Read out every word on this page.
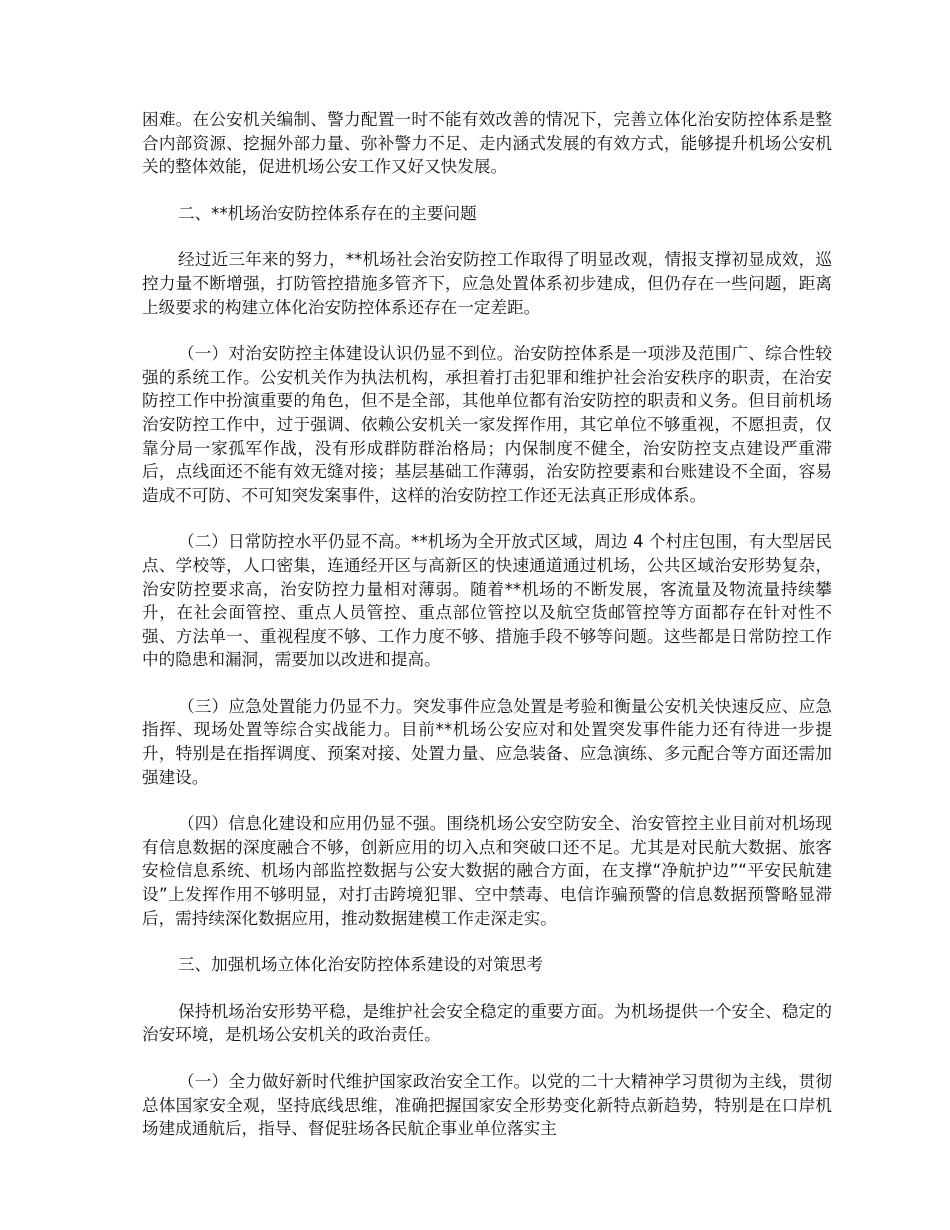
困难。在公安机关编制、警力配置一时不能有效改善的情况下，完善立体化治安防控体系是整合内部资源、挖掘外部力量、弥补警力不足、走内涵式发展的有效方式，能够提升机场公安机关的整体效能，促进机场公安工作又好又快发展。

二、**机场治安防控体系存在的主要问题

经过近三年来的努力，**机场社会治安防控工作取得了明显改观，情报支撑初显成效，巡控力量不断增强，打防管控措施多管齐下，应急处置体系初步建成，但仍存在一些问题，距离上级要求的构建立体化治安防控体系还存在一定差距。

（一）对治安防控主体建设认识仍显不到位。治安防控体系是一项涉及范围广、综合性较强的系统工作。公安机关作为执法机构，承担着打击犯罪和维护社会治安秩序的职责，在治安防控工作中扮演重要的角色，但不是全部，其他单位都有治安防控的职责和义务。但目前机场治安防控工作中，过于强调、依赖公安机关一家发挥作用，其它单位不够重视，不愿担责，仅靠分局一家孤军作战，没有形成群防群治格局；内保制度不健全，治安防控支点建设严重滞后，点线面还不能有效无缝对接；基层基础工作薄弱，治安防控要素和台账建设不全面，容易造成不可防、不可知突发案事件，这样的治安防控工作还无法真正形成体系。

（二）日常防控水平仍显不高。**机场为全开放式区域，周边 4 个村庄包围，有大型居民点、学校等，人口密集，连通经开区与高新区的快速通道通过机场，公共区域治安形势复杂，治安防控要求高，治安防控力量相对薄弱。随着**机场的不断发展，客流量及物流量持续攀升，在社会面管控、重点人员管控、重点部位管控以及航空货邮管控等方面都存在针对性不强、方法单一、重视程度不够、工作力度不够、措施手段不够等问题。这些都是日常防控工作中的隐患和漏洞，需要加以改进和提高。

（三）应急处置能力仍显不力。突发事件应急处置是考验和衡量公安机关快速反应、应急指挥、现场处置等综合实战能力。目前**机场公安应对和处置突发事件能力还有待进一步提升，特别是在指挥调度、预案对接、处置力量、应急装备、应急演练、多元配合等方面还需加强建设。

（四）信息化建设和应用仍显不强。围绕机场公安空防安全、治安管控主业目前对机场现有信息数据的深度融合不够，创新应用的切入点和突破口还不足。尤其是对民航大数据、旅客安检信息系统、机场内部监控数据与公安大数据的融合方面，在支撑“净航护边”“平安民航建设”上发挥作用不够明显，对打击跨境犯罪、空中禁毒、电信诈骗预警的信息数据预警略显滞后，需持续深化数据应用，推动数据建模工作走深走实。

三、加强机场立体化治安防控体系建设的对策思考

保持机场治安形势平稳，是维护社会安全稳定的重要方面。为机场提供一个安全、稳定的治安环境，是机场公安机关的政治责任。

（一）全力做好新时代维护国家政治安全工作。以党的二十大精神学习贯彻为主线，贯彻总体国家安全观，坚持底线思维，准确把握国家安全形势变化新特点新趋势，特别是在口岸机场建成通航后，指导、督促驻场各民航企事业单位落实主
